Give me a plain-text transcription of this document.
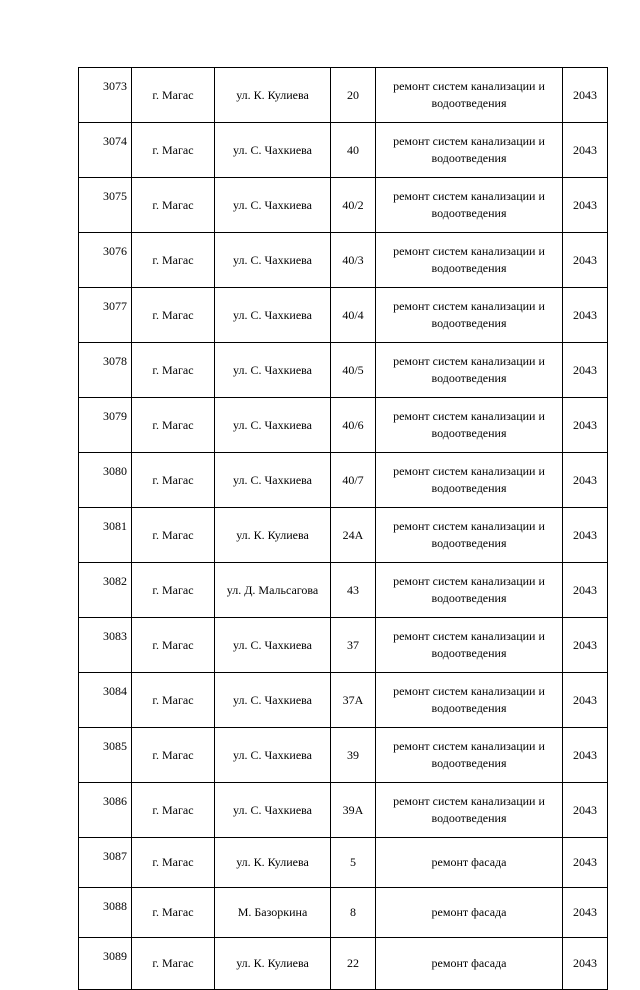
3073	г. Магас	ул. К. Кулиева	20	ремонт систем канализации и водоотведения	2043
3074	г. Магас	ул. С. Чахкиева	40	ремонт систем канализации и водоотведения	2043
3075	г. Магас	ул. С. Чахкиева	40/2	ремонт систем канализации и водоотведения	2043
3076	г. Магас	ул. С. Чахкиева	40/3	ремонт систем канализации и водоотведения	2043
3077	г. Магас	ул. С. Чахкиева	40/4	ремонт систем канализации и водоотведения	2043
3078	г. Магас	ул. С. Чахкиева	40/5	ремонт систем канализации и водоотведения	2043
3079	г. Магас	ул. С. Чахкиева	40/6	ремонт систем канализации и водоотведения	2043
3080	г. Магас	ул. С. Чахкиева	40/7	ремонт систем канализации и водоотведения	2043
3081	г. Магас	ул. К. Кулиева	24А	ремонт систем канализации и водоотведения	2043
3082	г. Магас	ул. Д. Мальсагова	43	ремонт систем канализации и водоотведения	2043
3083	г. Магас	ул. С. Чахкиева	37	ремонт систем канализации и водоотведения	2043
3084	г. Магас	ул. С. Чахкиева	37А	ремонт систем канализации и водоотведения	2043
3085	г. Магас	ул. С. Чахкиева	39	ремонт систем канализации и водоотведения	2043
3086	г. Магас	ул. С. Чахкиева	39А	ремонт систем канализации и водоотведения	2043
3087	г. Магас	ул. К. Кулиева	5	ремонт фасада	2043
3088	г. Магас	М. Базоркина	8	ремонт фасада	2043
3089	г. Магас	ул. К. Кулиева	22	ремонт фасада	2043
